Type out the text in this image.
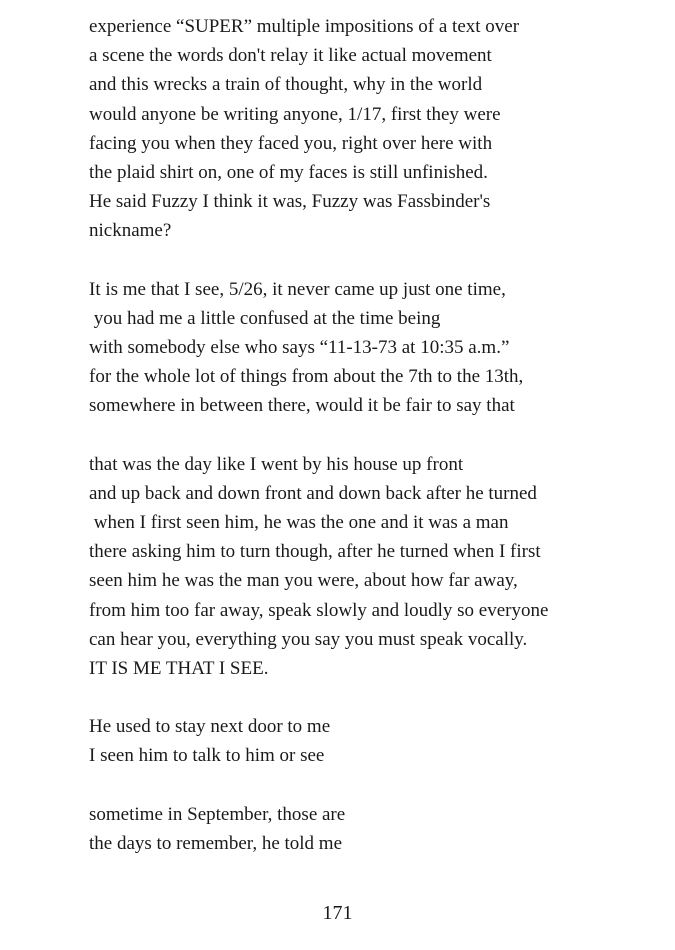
experience “SUPER” multiple impositions of a text over
a scene the words don't relay it like actual movement
and this wrecks a train of thought, why in the world
would anyone be writing anyone, 1/17, first they were
facing you when they faced you, right over here with
the plaid shirt on, one of my faces is still unfinished.
He said Fuzzy I think it was, Fuzzy was Fassbinder's
nickname?
It is me that I see, 5/26, it never came up just one time,
you had me a little confused at the time being
with somebody else who says “11-13-73 at 10:35 a.m.”
for the whole lot of things from about the 7th to the 13th,
somewhere in between there, would it be fair to say that
that was the day like I went by his house up front
and up back and down front and down back after he turned
when I first seen him, he was the one and it was a man
there asking him to turn though, after he turned when I first
seen him he was the man you were, about how far away,
from him too far away, speak slowly and loudly so everyone
can hear you, everything you say you must speak vocally.
IT IS ME THAT I SEE.
He used to stay next door to me
I seen him to talk to him or see
sometime in September, those are
the days to remember, he told me
171
